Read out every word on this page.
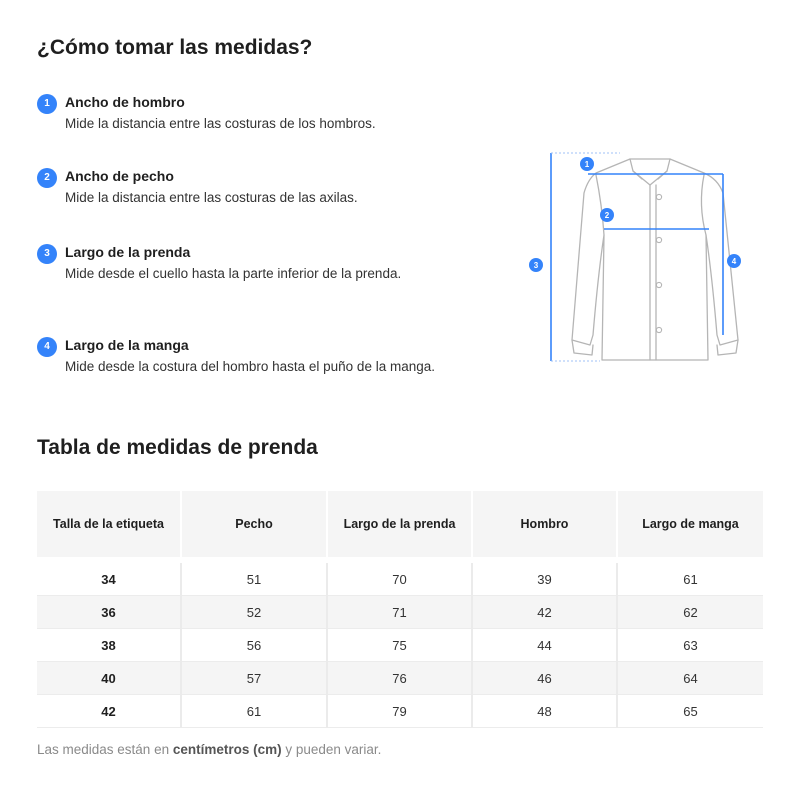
¿Cómo tomar las medidas?
1	Ancho de hombro
Mide la distancia entre las costuras de los hombros.
2	Ancho de pecho
Mide la distancia entre las costuras de las axilas.
3	Largo de la prenda
Mide desde el cuello hasta la parte inferior de la prenda.
4	Largo de la manga
Mide desde la costura del hombro hasta el puño de la manga.
1
2
3	4
Tabla de medidas de prenda
Talla de la etiqueta	Pecho	Largo de la prenda	Hombro	Largo de manga
34	51	70	39	61
36	52	71	42	62
38	56	75	44	63
40	57	76	46	64
42	61	79	48	65
Las medidas están en centímetros (cm) y pueden variar.
